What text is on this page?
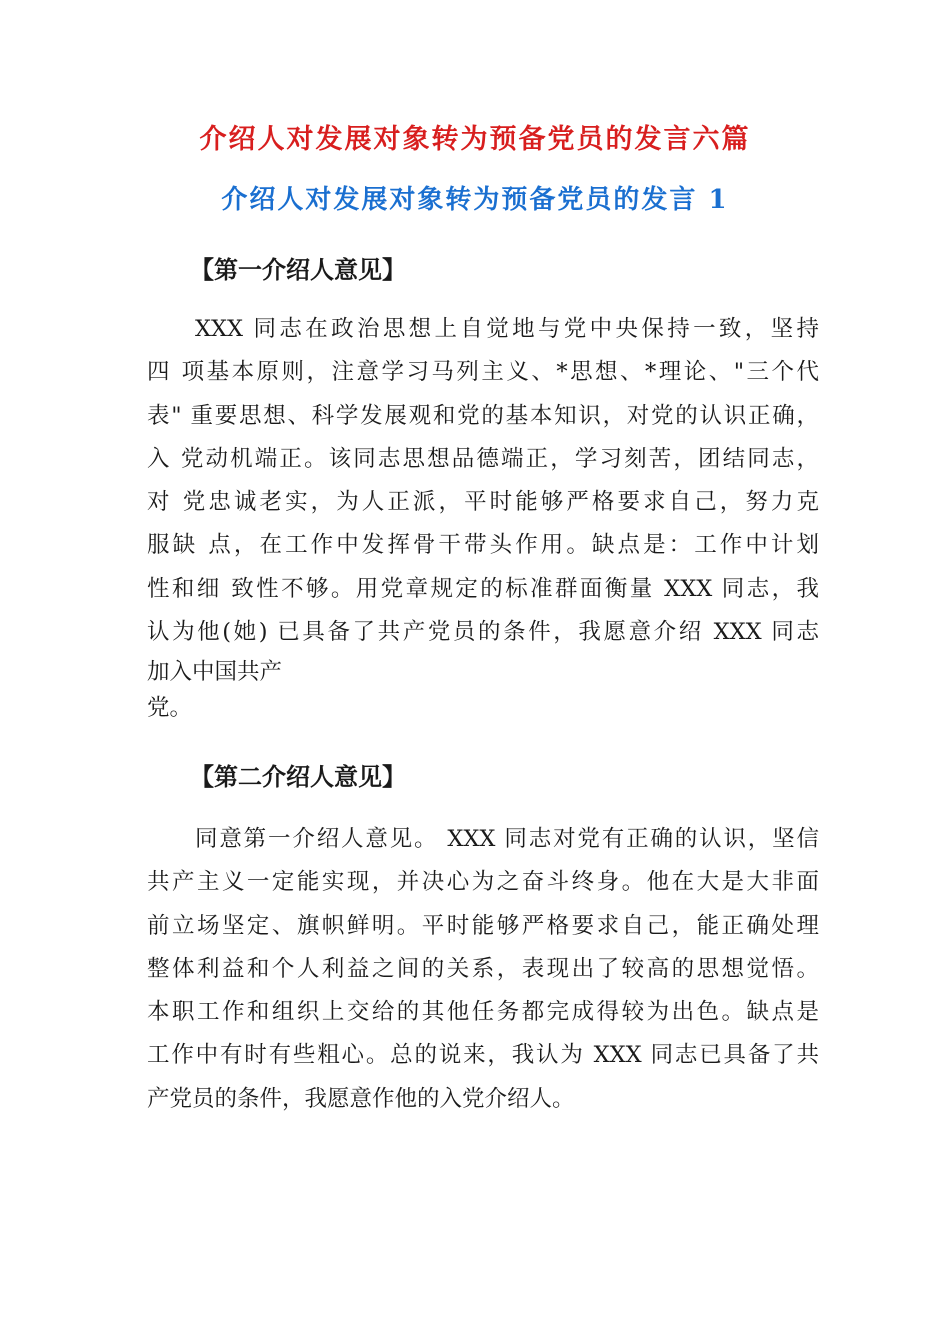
介绍人对发展对象转为预备党员的发言六篇
介绍人对发展对象转为预备党员的发言 1
【第一介绍人意见】
XXX 同志在政治思想上自觉地与党中央保持一致，坚持
四 项基本原则，注意学习马列主义、*思想、*理论、"三个代
表" 重要思想、科学发展观和党的基本知识，对党的认识正确，
入 党动机端正。该同志思想品德端正，学习刻苦，团结同志，
对 党忠诚老实，为人正派，平时能够严格要求自己，努力克
服缺 点，在工作中发挥骨干带头作用。缺点是：工作中计划
性和细 致性不够。用党章规定的标准群面衡量 XXX 同志，我
认为他(她) 已具备了共产党员的条件，我愿意介绍 XXX 同志
加入中国共产
党。
【第二介绍人意见】
同意第一介绍人意见。 XXX 同志对党有正确的认识，坚信
共产主义一定能实现，并决心为之奋斗终身。他在大是大非面
前立场坚定、旗帜鲜明。平时能够严格要求自己，能正确处理
整体利益和个人利益之间的关系，表现出了较高的思想觉悟。
本职工作和组织上交给的其他任务都完成得较为出色。缺点是
工作中有时有些粗心。总的说来，我认为 XXX 同志已具备了共
产党员的条件，我愿意作他的入党介绍人。
